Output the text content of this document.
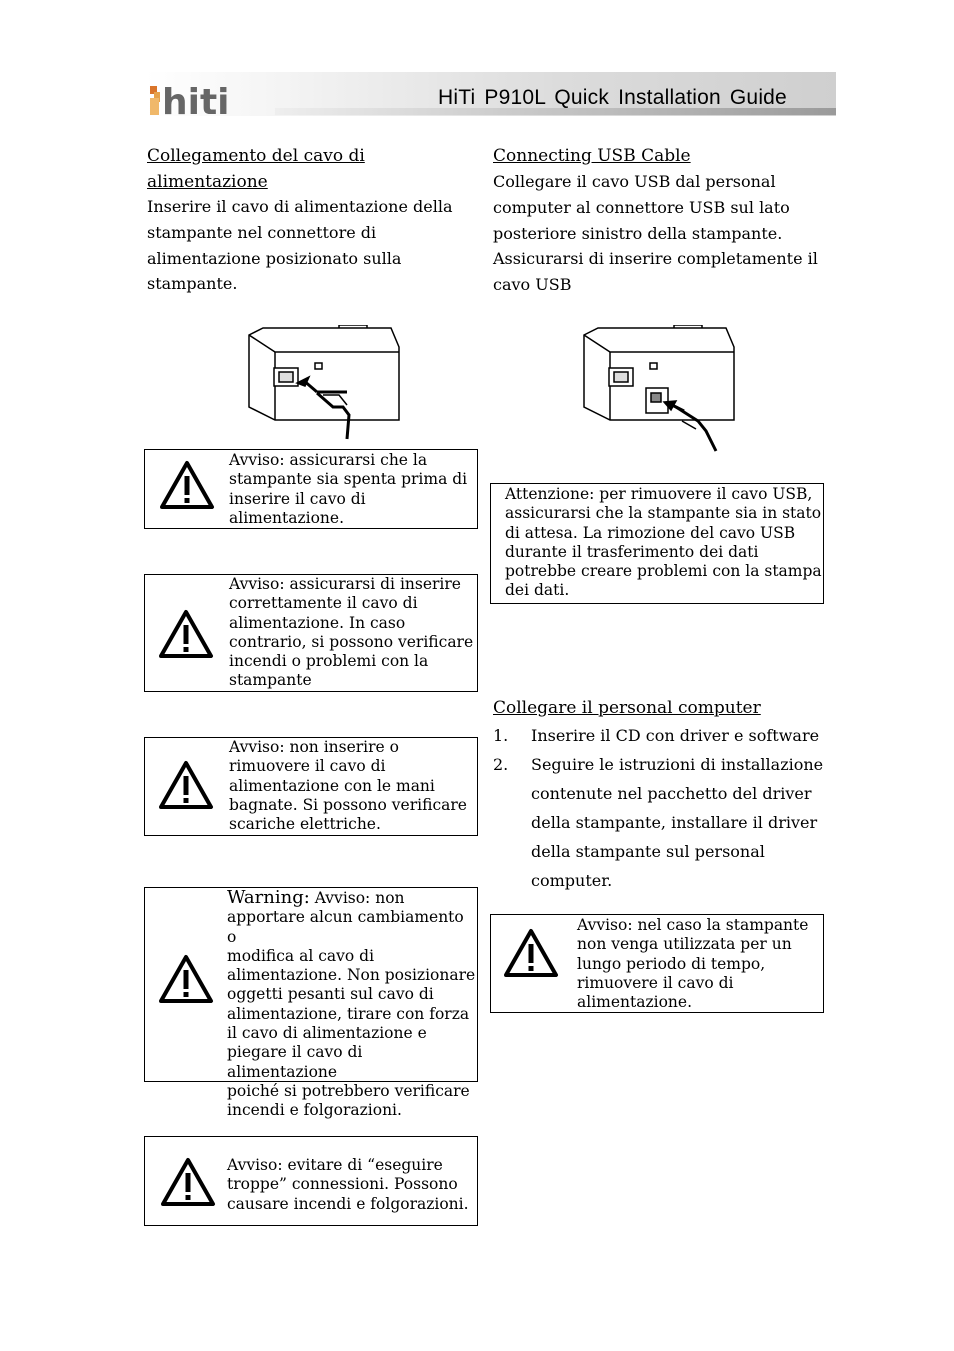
hiti	HiTi P910L Quick Installation Guide
Collegamento del cavo di
alimentazione
Inserire il cavo di alimentazione della
stampante nel connettore di
alimentazione posizionato sulla
stampante.
Avviso: assicurarsi che la
stampante sia spenta prima di
inserire il cavo di
alimentazione.
Avviso: assicurarsi di inserire
correttamente il cavo di
alimentazione. In caso
contrario, si possono verificare
incendi o problemi con la
stampante
Avviso: non inserire o
rimuovere il cavo di
alimentazione con le mani
bagnate. Si possono verificare
scariche elettriche.
Warning: Avviso: non
apportare alcun cambiamento o
modifica al cavo di
alimentazione. Non posizionare
oggetti pesanti sul cavo di
alimentazione, tirare con forza
il cavo di alimentazione e
piegare il cavo di alimentazione
poiché si potrebbero verificare
incendi e folgorazioni.
Avviso: evitare di “eseguire
troppe” connessioni. Possono
causare incendi e folgorazioni.
Connecting USB Cable
Collegare il cavo USB dal personal
computer al connettore USB sul lato
posteriore sinistro della stampante.
Assicurarsi di inserire completamente il
cavo USB
Attenzione: per rimuovere il cavo USB,
assicurarsi che la stampante sia in stato
di attesa. La rimozione del cavo USB
durante il trasferimento dei dati
potrebbe creare problemi con la stampa
dei dati.
Collegare il personal computer
1. Inserire il CD con driver e software
2. Seguire le istruzioni di installazione
contenute nel pacchetto del driver
della stampante, installare il driver
della stampante sul personal
computer.
Avviso: nel caso la stampante
non venga utilizzata per un
lungo periodo di tempo,
rimuovere il cavo di
alimentazione.
